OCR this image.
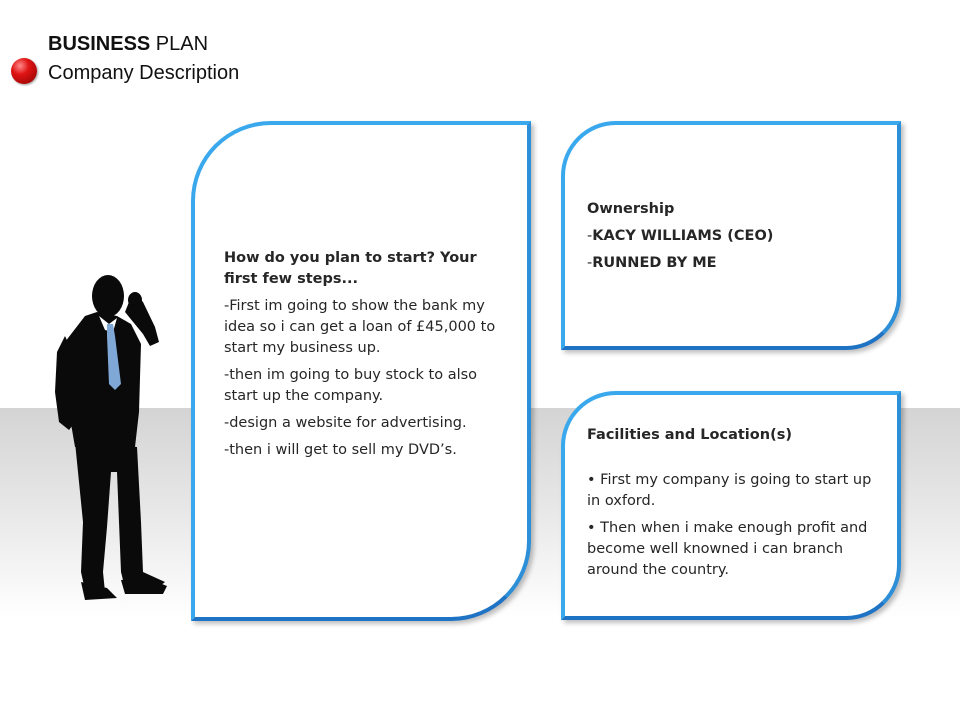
BUSINESS PLAN
Company Description

How do you plan to start? Your first few steps...

-First im going to show the bank my idea so i can get a loan of £45,000 to start my business up.

-then im going to buy stock to also start up the company.

-design a website for advertising.

-then i will get to sell my DVD’s.

Ownership

-KACY WILLIAMS (CEO)

-RUNNED BY ME

Facilities and Location(s)

• First my company is going to start up in oxford.

• Then when i make enough profit and become well knowned i can branch around the country.
